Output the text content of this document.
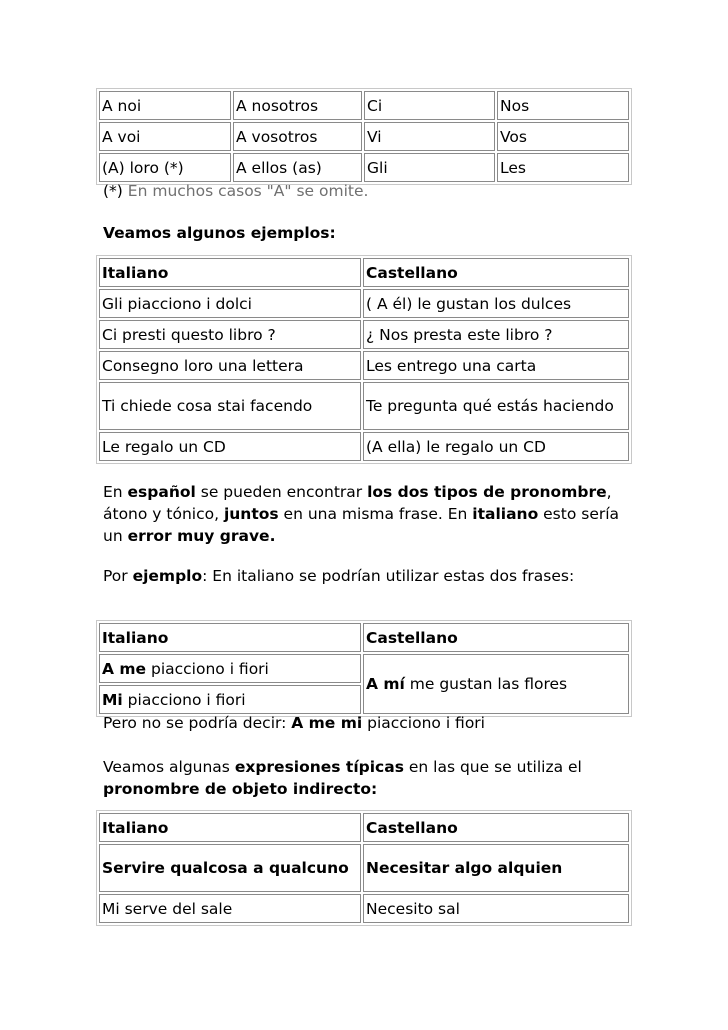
A noi	A nosotros	Ci	Nos
A voi	A vosotros	Vi	Vos
(A) loro (*)	A ellos (as)	Gli	Les

(*) En muchos casos "A" se omite.

Veamos algunos ejemplos:

Italiano	Castellano
Gli piacciono i dolci	( A él) le gustan los dulces
Ci presti questo libro ?	¿ Nos presta este libro ?
Consegno loro una lettera	Les entrego una carta
Ti chiede cosa stai facendo	Te pregunta qué estás haciendo
Le regalo un CD	(A ella) le regalo un CD

En español se pueden encontrar los dos tipos de pronombre, átono y tónico, juntos en una misma frase. En italiano esto sería un error muy grave.

Por ejemplo: En italiano se podrían utilizar estas dos frases:

Italiano	Castellano
A me piacciono i fiori	A mí me gustan las flores
Mi piacciono i fiori	

Pero no se podría decir: A me mi piacciono i fiori

Veamos algunas expresiones típicas en las que se utiliza el pronombre de objeto indirecto:

Italiano	Castellano
Servire qualcosa a qualcuno	Necesitar algo alquien
Mi serve del sale	Necesito sal
